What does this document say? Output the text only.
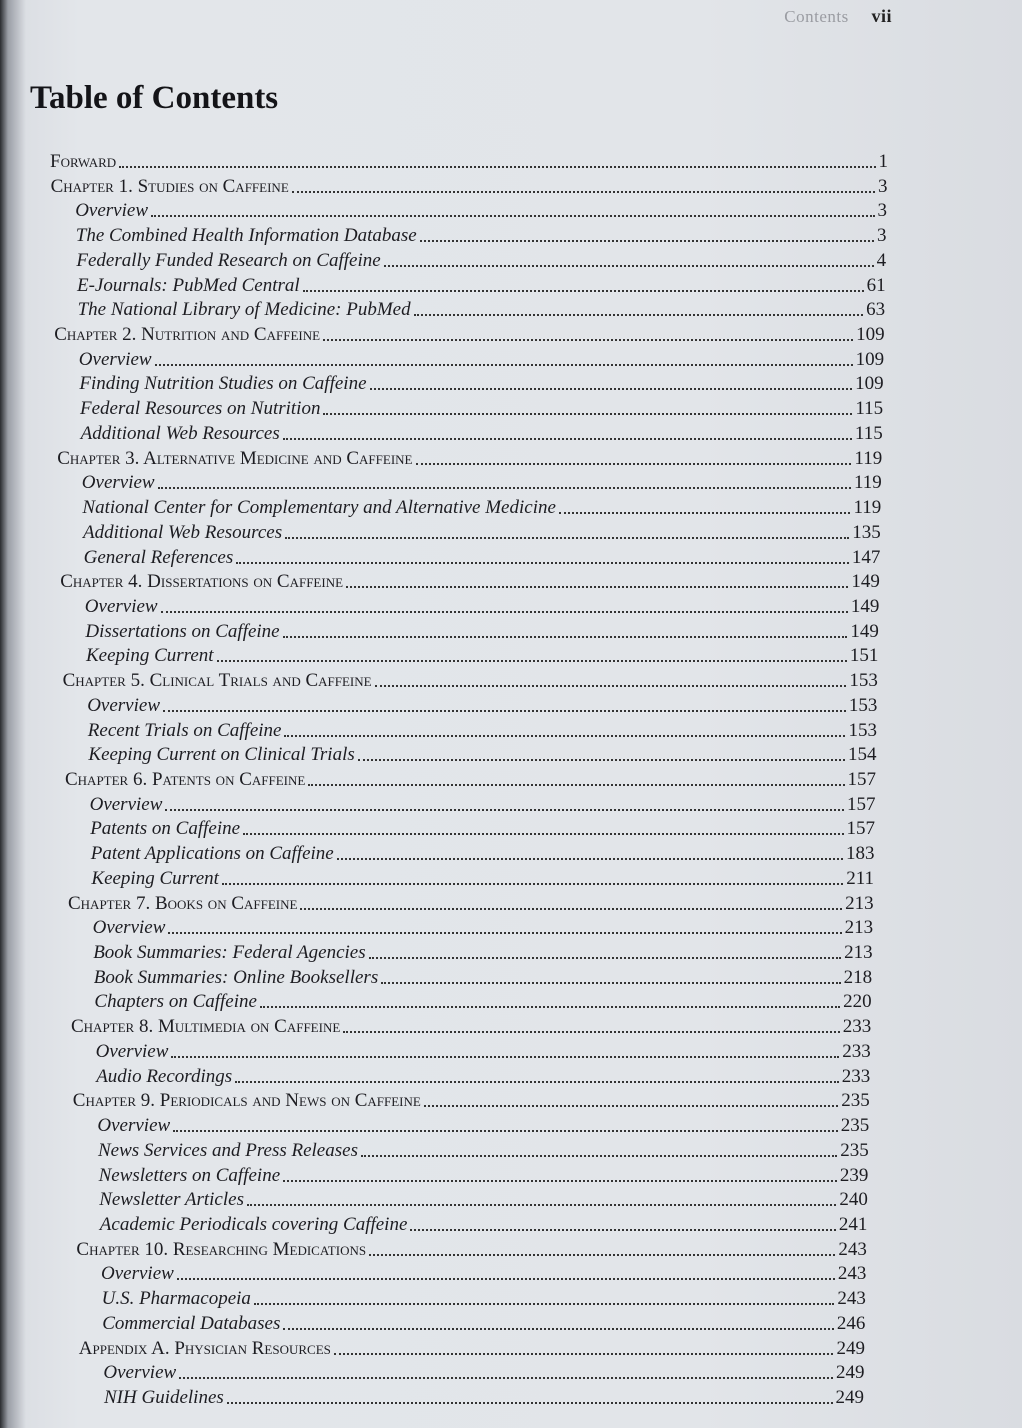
Contents vii
Table of Contents
Forward	1
Chapter 1. Studies on Caffeine	3
Overview	3
The Combined Health Information Database	3
Federally Funded Research on Caffeine	4
E-Journals: PubMed Central	61
The National Library of Medicine: PubMed	63
Chapter 2. Nutrition and Caffeine	109
Overview	109
Finding Nutrition Studies on Caffeine	109
Federal Resources on Nutrition	115
Additional Web Resources	115
Chapter 3. Alternative Medicine and Caffeine	119
Overview	119
National Center for Complementary and Alternative Medicine	119
Additional Web Resources	135
General References	147
Chapter 4. Dissertations on Caffeine	149
Overview	149
Dissertations on Caffeine	149
Keeping Current	151
Chapter 5. Clinical Trials and Caffeine	153
Overview	153
Recent Trials on Caffeine	153
Keeping Current on Clinical Trials	154
Chapter 6. Patents on Caffeine	157
Overview	157
Patents on Caffeine	157
Patent Applications on Caffeine	183
Keeping Current	211
Chapter 7. Books on Caffeine	213
Overview	213
Book Summaries: Federal Agencies	213
Book Summaries: Online Booksellers	218
Chapters on Caffeine	220
Chapter 8. Multimedia on Caffeine	233
Overview	233
Audio Recordings	233
Chapter 9. Periodicals and News on Caffeine	235
Overview	235
News Services and Press Releases	235
Newsletters on Caffeine	239
Newsletter Articles	240
Academic Periodicals covering Caffeine	241
Chapter 10. Researching Medications	243
Overview	243
U.S. Pharmacopeia	243
Commercial Databases	246
Appendix A. Physician Resources	249
Overview	249
NIH Guidelines	249
